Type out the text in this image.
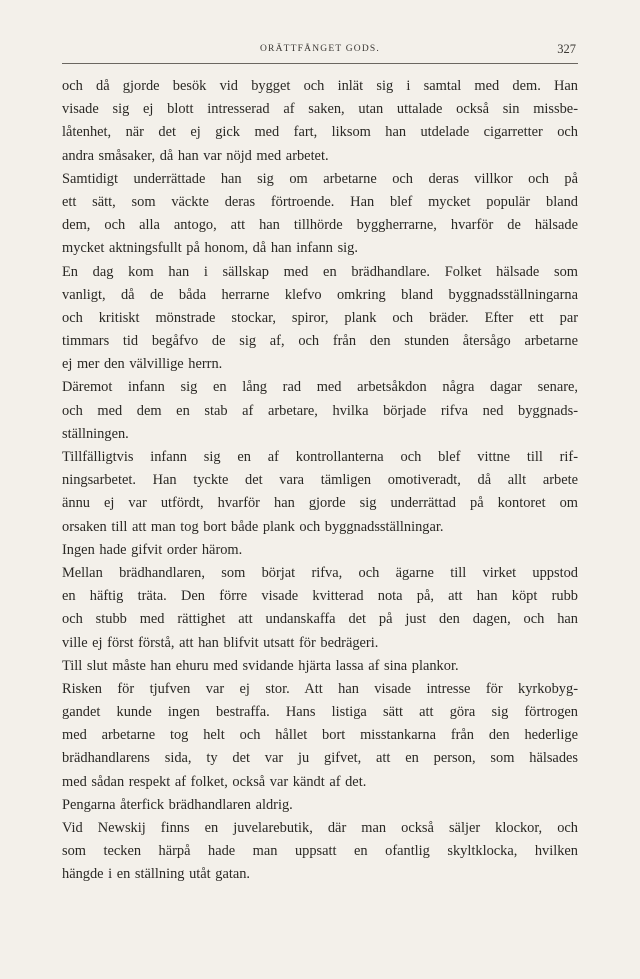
ORÄTTFÅNGET GODS.	327
och då gjorde besök vid bygget och inlät sig i samtal med dem. Han
visade sig ej blott intresserad af saken, utan uttalade också sin missbe-
låtenhet, när det ej gick med fart, liksom han utdelade cigarretter och
andra småsaker, då han var nöjd med arbetet.
Samtidigt underrättade han sig om arbetarne och deras villkor och på
ett sätt, som väckte deras förtroende. Han blef mycket populär bland
dem, och alla antogo, att han tillhörde byggherrarne, hvarför de hälsade
mycket aktningsfullt på honom, då han infann sig.
En dag kom han i sällskap med en brädhandlare. Folket hälsade som
vanligt, då de båda herrarne klefvo omkring bland byggnadsställningarna
och kritiskt mönstrade stockar, spiror, plank och bräder. Efter ett par
timmars tid begåfvo de sig af, och från den stunden återsågo arbetarne
ej mer den välvillige herrn.
Däremot infann sig en lång rad med arbetsåkdon några dagar senare,
och med dem en stab af arbetare, hvilka började rifva ned byggnads-
ställningen.
Tillfälligtvis infann sig en af kontrollanterna och blef vittne till rif-
ningsarbetet. Han tyckte det vara tämligen omotiveradt, då allt arbete
ännu ej var utfördt, hvarför han gjorde sig underrättad på kontoret om
orsaken till att man tog bort både plank och byggnadsställningar.
Ingen hade gifvit order härom.
Mellan brädhandlaren, som börjat rifva, och ägarne till virket uppstod
en häftig träta. Den förre visade kvitterad nota på, att han köpt rubb
och stubb med rättighet att undanskaffa det på just den dagen, och han
ville ej först förstå, att han blifvit utsatt för bedrägeri.
Till slut måste han ehuru med svidande hjärta lassa af sina plankor.
Risken för tjufven var ej stor. Att han visade intresse för kyrkobyg-
gandet kunde ingen bestraffa. Hans listiga sätt att göra sig förtrogen
med arbetarne tog helt och hållet bort misstankarna från den hederlige
brädhandlarens sida, ty det var ju gifvet, att en person, som hälsades
med sådan respekt af folket, också var kändt af det.
Pengarna återfick brädhandlaren aldrig.
Vid Newskij finns en juvelarebutik, där man också säljer klockor, och
som tecken härpå hade man uppsatt en ofantlig skyltklocka, hvilken
hängde i en ställning utåt gatan.
